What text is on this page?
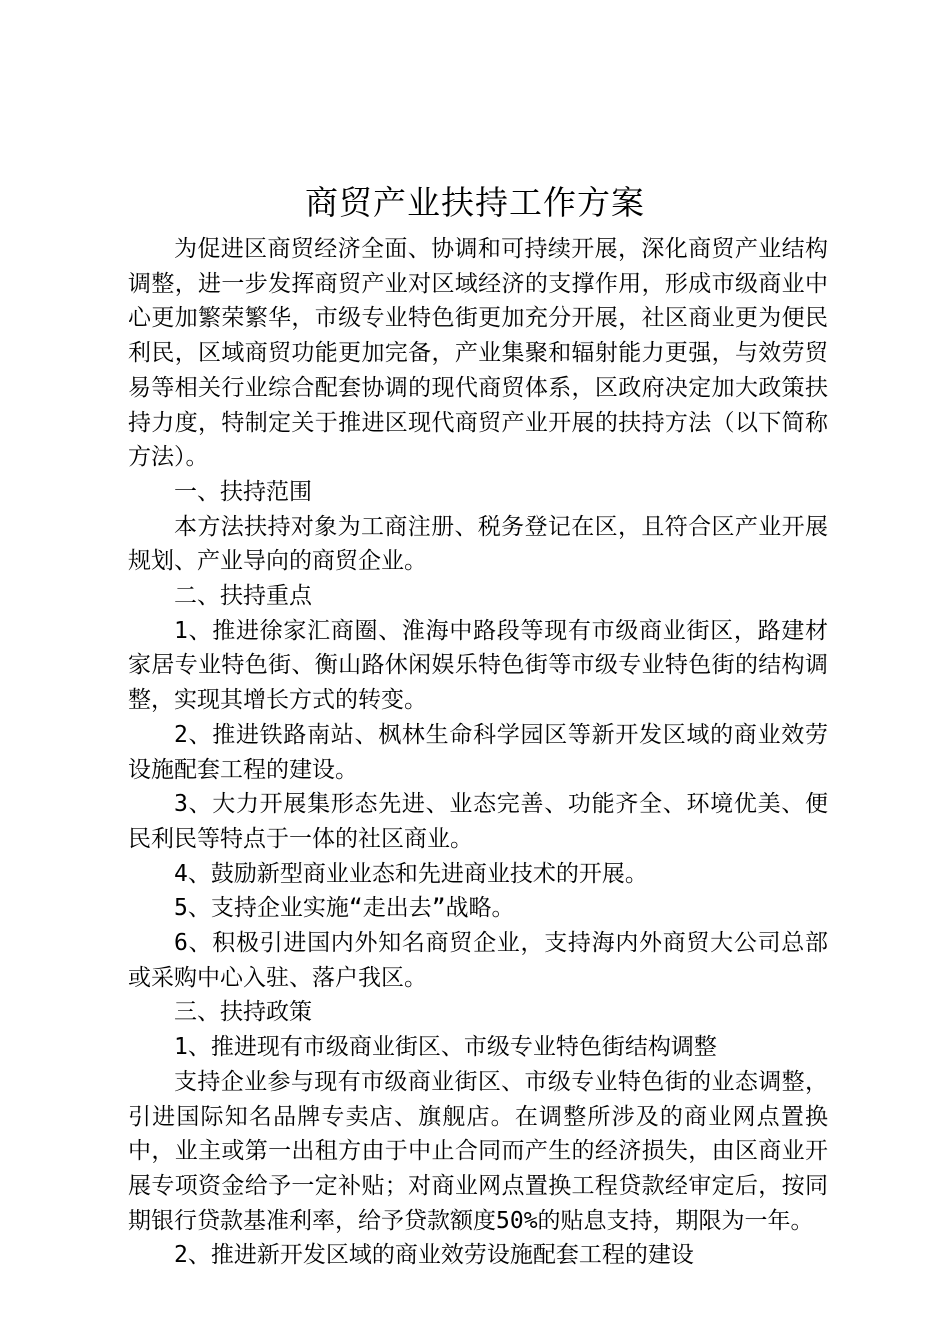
商贸产业扶持工作方案

为促进区商贸经济全面、协调和可持续开展，深化商贸产业结构调整，进一步发挥商贸产业对区域经济的支撑作用，形成市级商业中心更加繁荣繁华，市级专业特色街更加充分开展，社区商业更为便民利民，区域商贸功能更加完备，产业集聚和辐射能力更强，与效劳贸易等相关行业综合配套协调的现代商贸体系，区政府决定加大政策扶持力度，特制定关于推进区现代商贸产业开展的扶持方法（以下简称方法）。

一、扶持范围

本方法扶持对象为工商注册、税务登记在区，且符合区产业开展规划、产业导向的商贸企业。

二、扶持重点

1、推进徐家汇商圈、淮海中路段等现有市级商业街区，路建材家居专业特色街、衡山路休闲娱乐特色街等市级专业特色街的结构调整，实现其增长方式的转变。

2、推进铁路南站、枫林生命科学园区等新开发区域的商业效劳设施配套工程的建设。

3、大力开展集形态先进、业态完善、功能齐全、环境优美、便民利民等特点于一体的社区商业。

4、鼓励新型商业业态和先进商业技术的开展。

5、支持企业实施“走出去”战略。

6、积极引进国内外知名商贸企业，支持海内外商贸大公司总部或采购中心入驻、落户我区。

三、扶持政策

1、推进现有市级商业街区、市级专业特色街结构调整

支持企业参与现有市级商业街区、市级专业特色街的业态调整，引进国际知名品牌专卖店、旗舰店。在调整所涉及的商业网点置换中，业主或第一出租方由于中止合同而产生的经济损失，由区商业开展专项资金给予一定补贴；对商业网点置换工程贷款经审定后，按同期银行贷款基准利率，给予贷款额度50%的贴息支持，期限为一年。

2、推进新开发区域的商业效劳设施配套工程的建设
